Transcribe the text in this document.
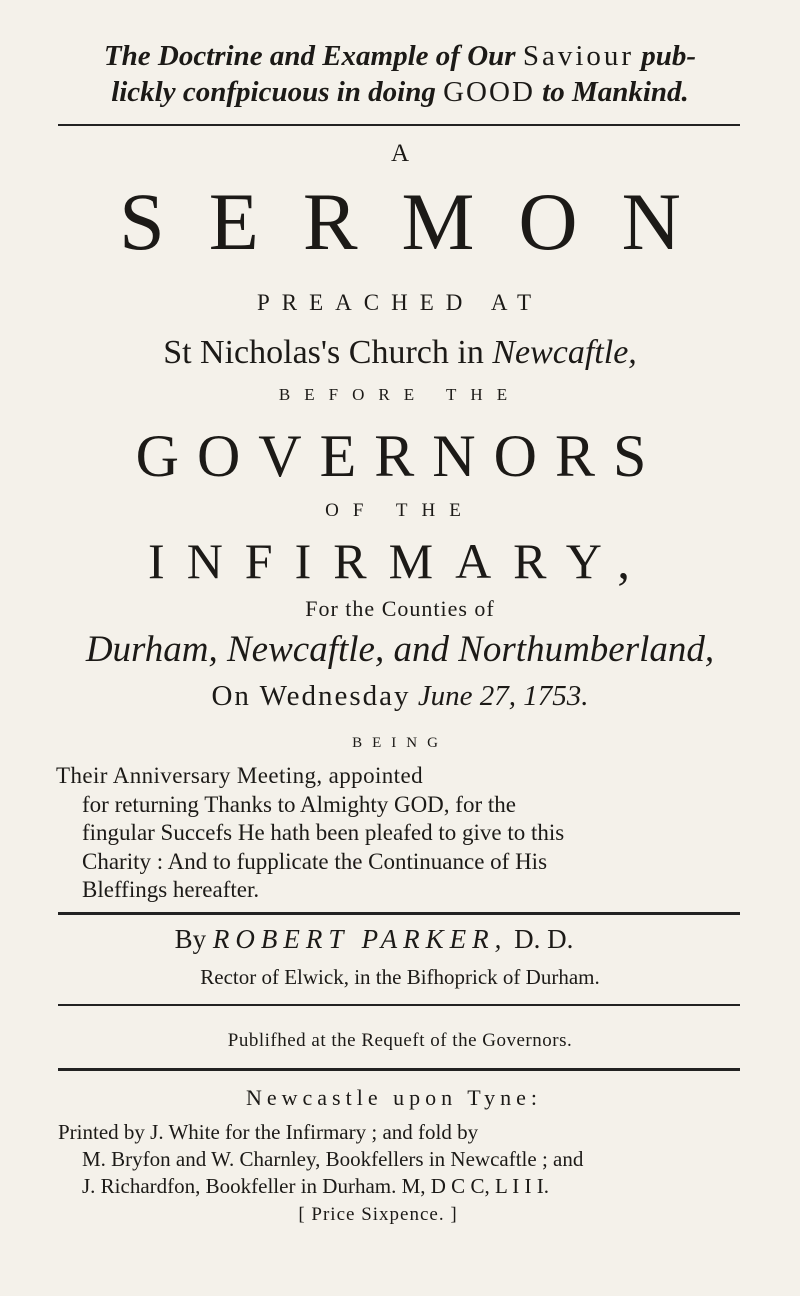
The Doctrine and Example of Our Saviour pub-
lickly confpicuous in doing GOOD to Mankind.
A
SERMON
PREACHED AT
St Nicholas's Church in Newcaftle,
BEFORE THE
GOVERNORS
OF THE
INFIRMARY,
For the Counties of
Durham, Newcaftle, and Northumberland,
On Wednesday June 27, 1753.
BEING
Their Anniversary Meeting, appointed
for returning Thanks to Almighty GOD, for the
fingular Succefs He hath been pleafed to give to this
Charity : And to fupplicate the Continuance of His
Bleffings hereafter.
By ROBERT PARKER, D. D.
Rector of Elwick, in the Bifhoprick of Durham.
Publifhed at the Requeft of the Governors.
Newcastle upon Tyne:
Printed by J. White for the Infirmary ; and fold by
M. Bryfon and W. Charnley, Bookfellers in Newcaftle ; and
J. Richardfon, Bookfeller in Durham. M, D C C, L I I I.
[ Price Sixpence. ]
